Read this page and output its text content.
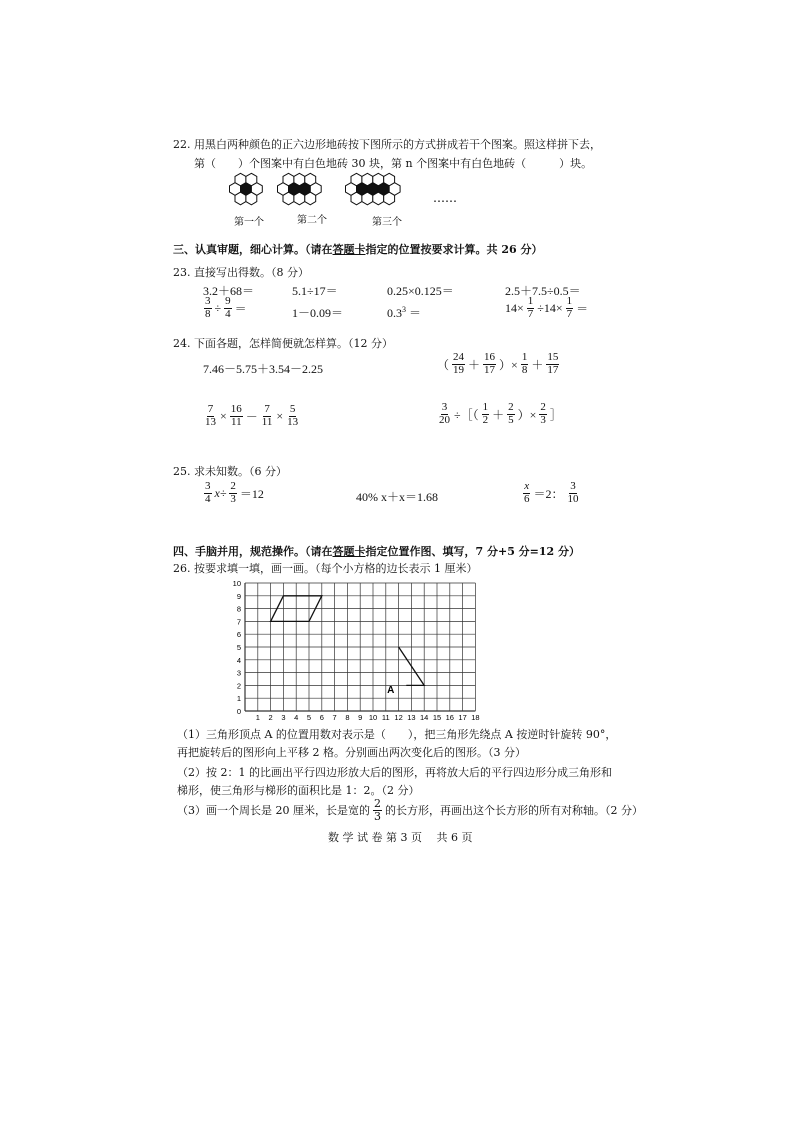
22. 用黑白两种颜色的正六边形地砖按下图所示的方式拼成若干个图案。照这样拼下去，
第（　　）个图案中有白色地砖 30 块，第 n 个图案中有白色地砖（　　　）块。
第一个	第二个	第三个
……
三、认真审题，细心计算。（请在答题卡指定的位置按要求计算。共 26 分）
23. 直接写出得数。（8 分）
3.2＋68＝	5.1÷17＝	0.25×0.125＝	2.5＋7.5÷0.5＝
$\frac{3}{8} \div \frac{9}{4}$ ＝	1－0.09＝	$0.3^3$ ＝	$14\times \frac{1}{7} \div 14\times \frac{1}{7}$ ＝
24. 下面各题，怎样简便就怎样算。（12 分）
7.46－5.75＋3.54－2.25	（ $\frac{24}{19} + \frac{16}{17}$ ）× $\frac{1}{8} + \frac{15}{17}$
$\frac{7}{13} \times \frac{16}{11} - \frac{7}{11} \times \frac{5}{13}$	$\frac{3}{20}$ ÷［（ $\frac{1}{2} + \frac{2}{5}$ ）× $\frac{2}{3}$ ］
25. 求未知数。（6 分）
$\frac{3}{4} x\div \frac{2}{3} =12$	40% x＋x＝1.68	$\frac{x}{6} =2$： $\frac{3}{10}$
四、手脑并用，规范操作。（请在答题卡指定位置作图、填写，7 分+5 分=12 分）
26. 按要求填一填，画一画。（每个小方格的边长表示 1 厘米）
0
1
2
3
4
5
6
7
8
9
10
1 2 3 4 5 6 7 8 9 10 11 12 13 14 15 16 17 18
A
（1）三角形顶点 A 的位置用数对表示是（　　），把三角形先绕点 A 按逆时针旋转 90°，
再把旋转后的图形向上平移 2 格。分别画出两次变化后的图形。（3 分）
（2）按 2：1 的比画出平行四边形放大后的图形，再将放大后的平行四边形分成三角形和
梯形，使三角形与梯形的面积比是 1：2。（2 分）
（3）画一个周长是 20 厘米，长是宽的 $\frac{2}{3}$ 的长方形，再画出这个长方形的所有对称轴。（2 分）
数 学 试 卷 第 3 页　 共 6 页
